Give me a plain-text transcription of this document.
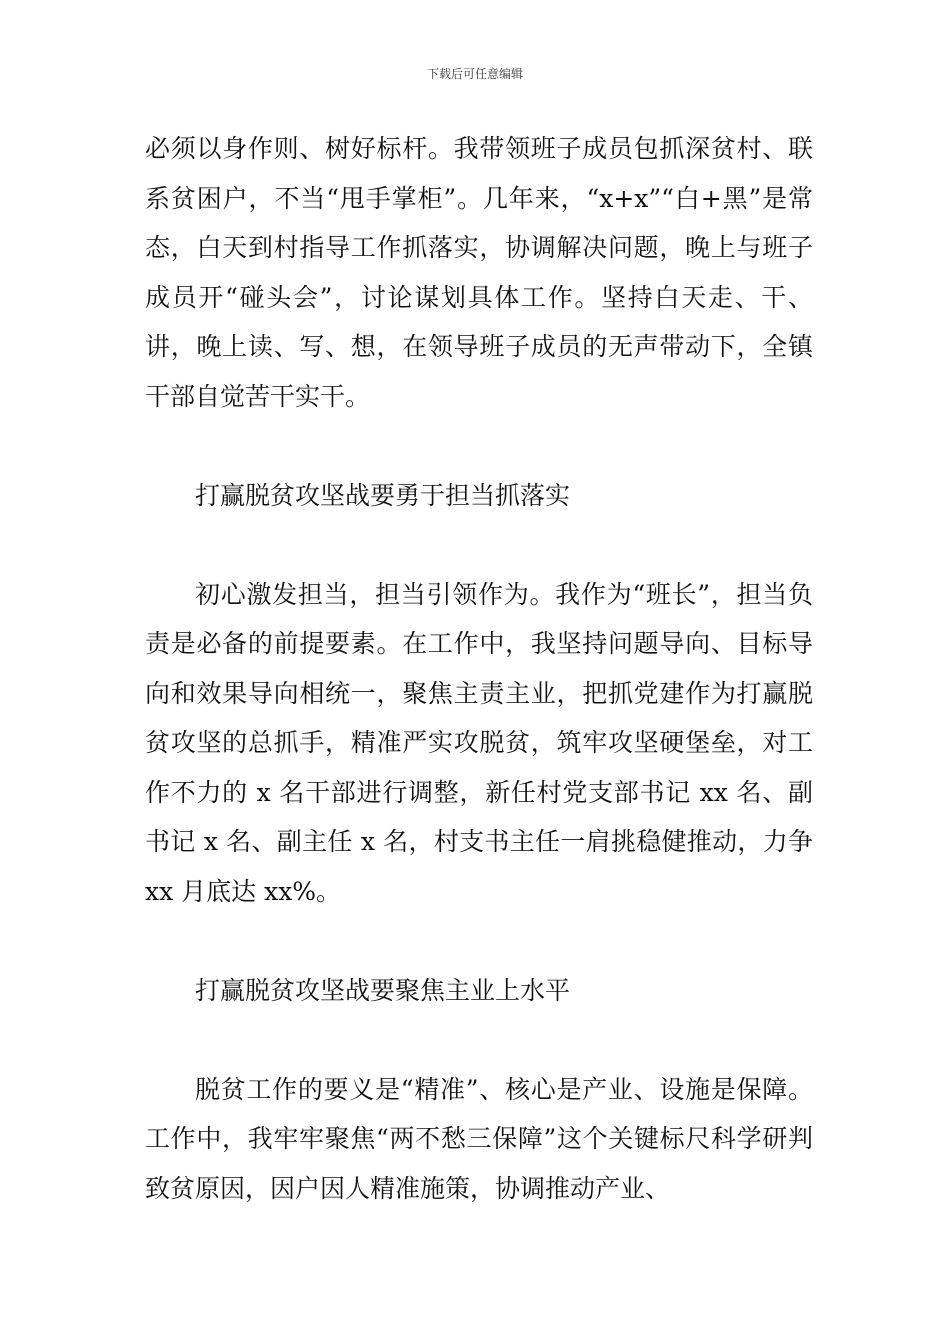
下载后可任意编辑

必须以身作则、树好标杆。我带领班子成员包抓深贫村、联系贫困户，不当“甩手掌柜”。几年来，“x+x”“白+黑”是常态，白天到村指导工作抓落实，协调解决问题，晚上与班子成员开“碰头会”，讨论谋划具体工作。坚持白天走、干、讲，晚上读、写、想，在领导班子成员的无声带动下，全镇干部自觉苦干实干。

打赢脱贫攻坚战要勇于担当抓落实

初心激发担当，担当引领作为。我作为“班长”，担当负责是必备的前提要素。在工作中，我坚持问题导向、目标导向和效果导向相统一，聚焦主责主业，把抓党建作为打赢脱贫攻坚的总抓手，精准严实攻脱贫，筑牢攻坚硬堡垒，对工作不力的 x 名干部进行调整，新任村党支部书记 xx 名、副书记 x 名、副主任 x 名，村支书主任一肩挑稳健推动，力争 xx 月底达 xx%。

打赢脱贫攻坚战要聚焦主业上水平

脱贫工作的要义是“精准”、核心是产业、设施是保障。工作中，我牢牢聚焦“两不愁三保障”这个关键标尺科学研判致贫原因，因户因人精准施策，协调推动产业、
